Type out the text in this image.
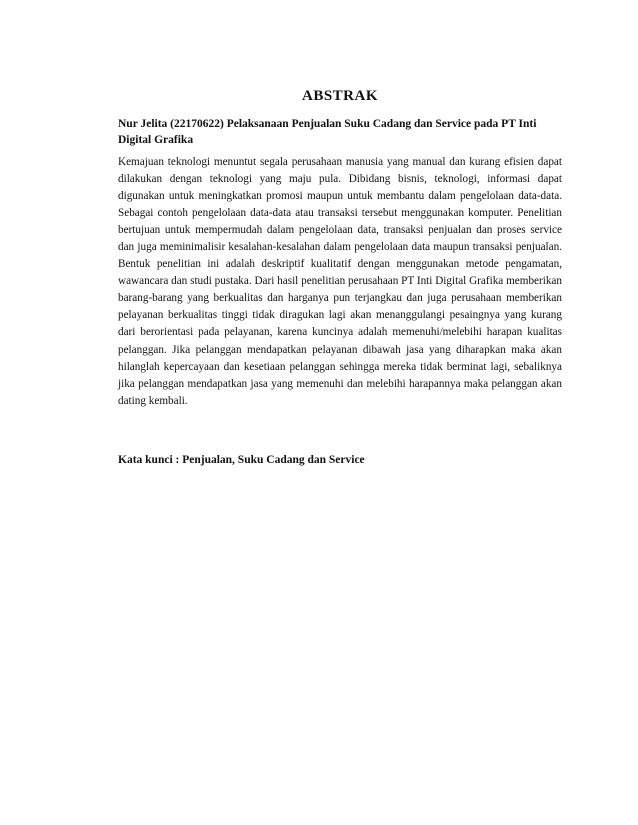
ABSTRAK
Nur Jelita (22170622) Pelaksanaan Penjualan Suku Cadang dan Service pada PT Inti Digital Grafika

Kemajuan teknologi menuntut segala perusahaan manusia yang manual dan kurang efisien dapat dilakukan dengan teknologi yang maju pula. Dibidang bisnis, teknologi, informasi dapat digunakan untuk meningkatkan promosi maupun untuk membantu dalam pengelolaan data-data. Sebagai contoh pengelolaan data-data atau transaksi tersebut menggunakan komputer. Penelitian bertujuan untuk mempermudah dalam pengelolaan data, transaksi penjualan dan proses service dan juga meminimalisir kesalahan-kesalahan dalam pengelolaan data maupun transaksi penjualan. Bentuk penelitian ini adalah deskriptif kualitatif dengan menggunakan metode pengamatan, wawancara dan studi pustaka. Dari hasil penelitian perusahaan PT Inti Digital Grafika memberikan barang-barang yang berkualitas dan harganya pun terjangkau dan juga perusahaan memberikan pelayanan berkualitas tinggi tidak diragukan lagi akan menanggulangi pesaingnya yang kurang dari berorientasi pada pelayanan, karena kuncinya adalah memenuhi/melebihi harapan kualitas pelanggan. Jika pelanggan mendapatkan pelayanan dibawah jasa yang diharapkan maka akan hilanglah kepercayaan dan kesetiaan pelanggan sehingga mereka tidak berminat lagi, sebaliknya jika pelanggan mendapatkan jasa yang memenuhi dan melebihi harapannya maka pelanggan akan dating kembali.

Kata kunci : Penjualan, Suku Cadang dan Service
